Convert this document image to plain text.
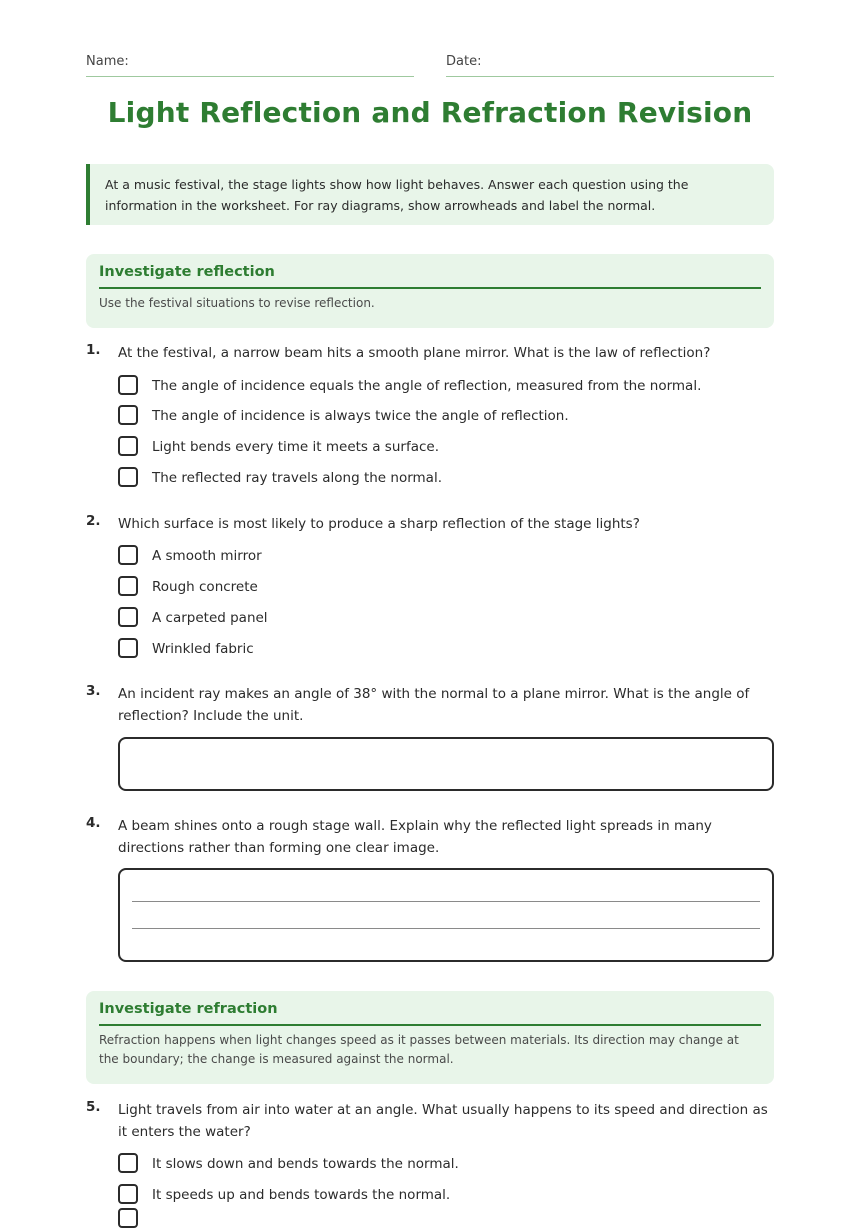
Name:	Date:
Light Reflection and Refraction Revision
At a music festival, the stage lights show how light behaves. Answer each question using the information in the worksheet. For ray diagrams, show arrowheads and label the normal.
Investigate reflection
Use the festival situations to revise reflection.
1. At the festival, a narrow beam hits a smooth plane mirror. What is the law of reflection?
The angle of incidence equals the angle of reflection, measured from the normal.
The angle of incidence is always twice the angle of reflection.
Light bends every time it meets a surface.
The reflected ray travels along the normal.
2. Which surface is most likely to produce a sharp reflection of the stage lights?
A smooth mirror
Rough concrete
A carpeted panel
Wrinkled fabric
3. An incident ray makes an angle of 38° with the normal to a plane mirror. What is the angle of reflection? Include the unit.
4. A beam shines onto a rough stage wall. Explain why the reflected light spreads in many directions rather than forming one clear image.
Investigate refraction
Refraction happens when light changes speed as it passes between materials. Its direction may change at the boundary; the change is measured against the normal.
5. Light travels from air into water at an angle. What usually happens to its speed and direction as it enters the water?
It slows down and bends towards the normal.
It speeds up and bends towards the normal.
